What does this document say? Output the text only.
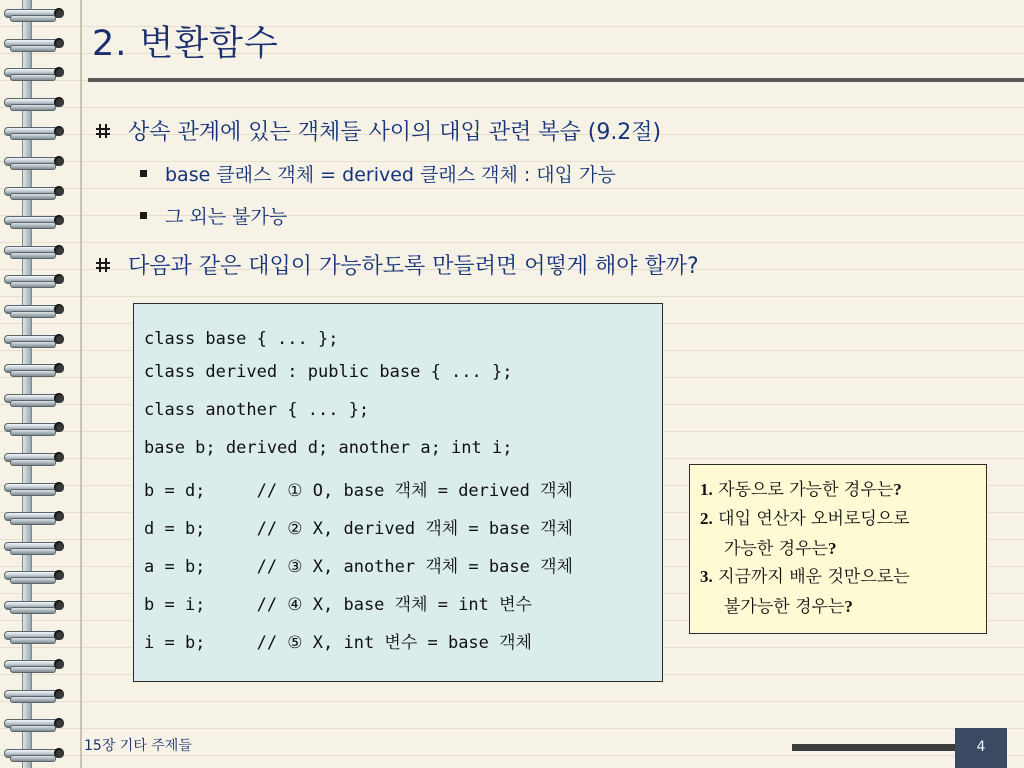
2. 변환함수
상속 관계에 있는 객체들 사이의 대입 관련 복습 (9.2절)
base 클래스 객체 = derived 클래스 객체 : 대입 가능
그 외는 불가능
다음과 같은 대입이 가능하도록 만들려면 어떻게 해야 할까?
class base { ... };
class derived : public base { ... };
class another { ... };
base b; derived d; another a; int i;
b = d;     // ① O, base 객체 = derived 객체
d = b;     // ② X, derived 객체 = base 객체
a = b;     // ③ X, another 객체 = base 객체
b = i;     // ④ X, base 객체 = int 변수
i = b;     // ⑤ X, int 변수 = base 객체
1. 자동으로 가능한 경우는?
2. 대입 연산자 오버로딩으로
가능한 경우는?
3. 지금까지 배운 것만으로는
불가능한 경우는?
15장 기타 주제들	4
